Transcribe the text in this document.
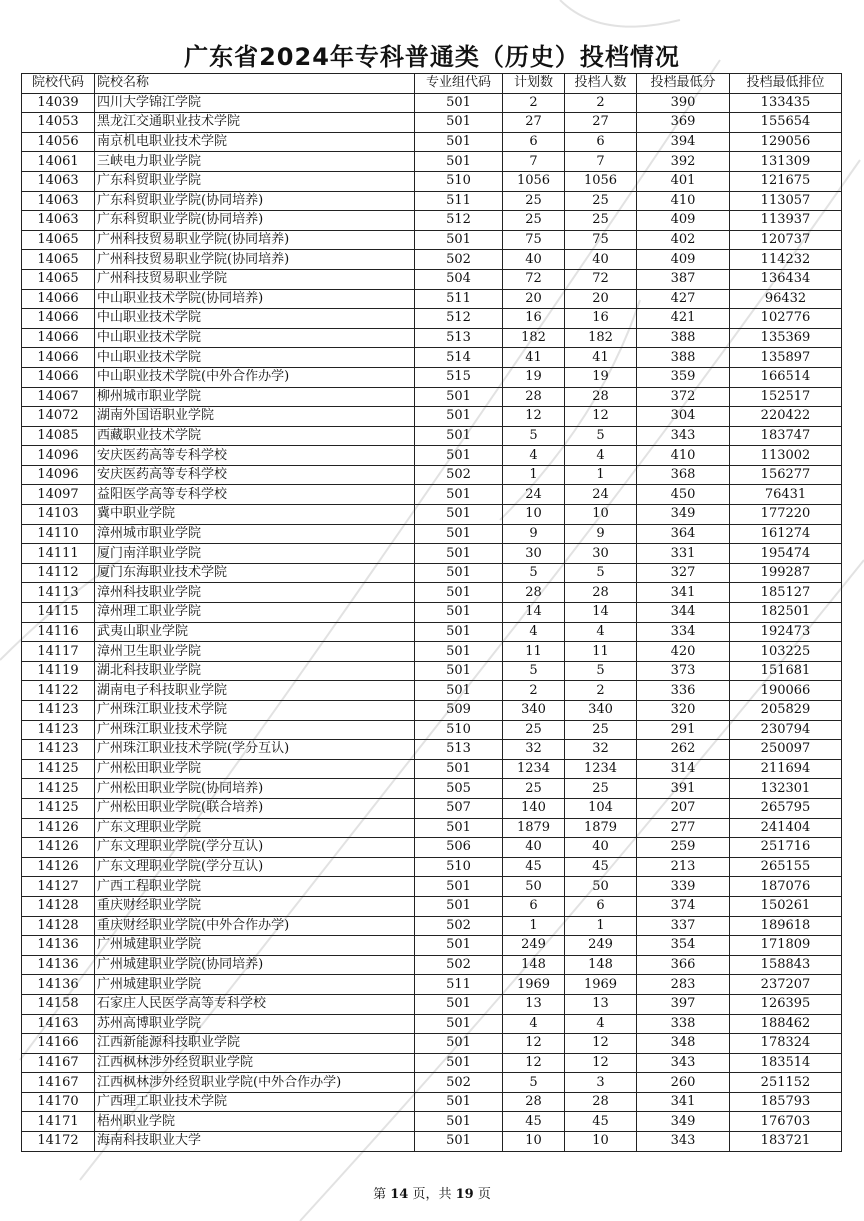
广东省2024年专科普通类（历史）投档情况
院校代码	院校名称	专业组代码	计划数	投档人数	投档最低分	投档最低排位
14039	四川大学锦江学院	501	2	2	390	133435
14053	黑龙江交通职业技术学院	501	27	27	369	155654
14056	南京机电职业技术学院	501	6	6	394	129056
14061	三峡电力职业学院	501	7	7	392	131309
14063	广东科贸职业学院	510	1056	1056	401	121675
14063	广东科贸职业学院(协同培养)	511	25	25	410	113057
14063	广东科贸职业学院(协同培养)	512	25	25	409	113937
14065	广州科技贸易职业学院(协同培养)	501	75	75	402	120737
14065	广州科技贸易职业学院(协同培养)	502	40	40	409	114232
14065	广州科技贸易职业学院	504	72	72	387	136434
14066	中山职业技术学院(协同培养)	511	20	20	427	96432
14066	中山职业技术学院	512	16	16	421	102776
14066	中山职业技术学院	513	182	182	388	135369
14066	中山职业技术学院	514	41	41	388	135897
14066	中山职业技术学院(中外合作办学)	515	19	19	359	166514
14067	柳州城市职业学院	501	28	28	372	152517
14072	湖南外国语职业学院	501	12	12	304	220422
14085	西藏职业技术学院	501	5	5	343	183747
14096	安庆医药高等专科学校	501	4	4	410	113002
14096	安庆医药高等专科学校	502	1	1	368	156277
14097	益阳医学高等专科学校	501	24	24	450	76431
14103	冀中职业学院	501	10	10	349	177220
14110	漳州城市职业学院	501	9	9	364	161274
14111	厦门南洋职业学院	501	30	30	331	195474
14112	厦门东海职业技术学院	501	5	5	327	199287
14113	漳州科技职业学院	501	28	28	341	185127
14115	漳州理工职业学院	501	14	14	344	182501
14116	武夷山职业学院	501	4	4	334	192473
14117	漳州卫生职业学院	501	11	11	420	103225
14119	湖北科技职业学院	501	5	5	373	151681
14122	湖南电子科技职业学院	501	2	2	336	190066
14123	广州珠江职业技术学院	509	340	340	320	205829
14123	广州珠江职业技术学院	510	25	25	291	230794
14123	广州珠江职业技术学院(学分互认)	513	32	32	262	250097
14125	广州松田职业学院	501	1234	1234	314	211694
14125	广州松田职业学院(协同培养)	505	25	25	391	132301
14125	广州松田职业学院(联合培养)	507	140	104	207	265795
14126	广东文理职业学院	501	1879	1879	277	241404
14126	广东文理职业学院(学分互认)	506	40	40	259	251716
14126	广东文理职业学院(学分互认)	510	45	45	213	265155
14127	广西工程职业学院	501	50	50	339	187076
14128	重庆财经职业学院	501	6	6	374	150261
14128	重庆财经职业学院(中外合作办学)	502	1	1	337	189618
14136	广州城建职业学院	501	249	249	354	171809
14136	广州城建职业学院(协同培养)	502	148	148	366	158843
14136	广州城建职业学院	511	1969	1969	283	237207
14158	石家庄人民医学高等专科学校	501	13	13	397	126395
14163	苏州高博职业学院	501	4	4	338	188462
14166	江西新能源科技职业学院	501	12	12	348	178324
14167	江西枫林涉外经贸职业学院	501	12	12	343	183514
14167	江西枫林涉外经贸职业学院(中外合作办学)	502	5	3	260	251152
14170	广西理工职业技术学院	501	28	28	341	185793
14171	梧州职业学院	501	45	45	349	176703
14172	海南科技职业大学	501	10	10	343	183721
第 14 页，共 19 页
